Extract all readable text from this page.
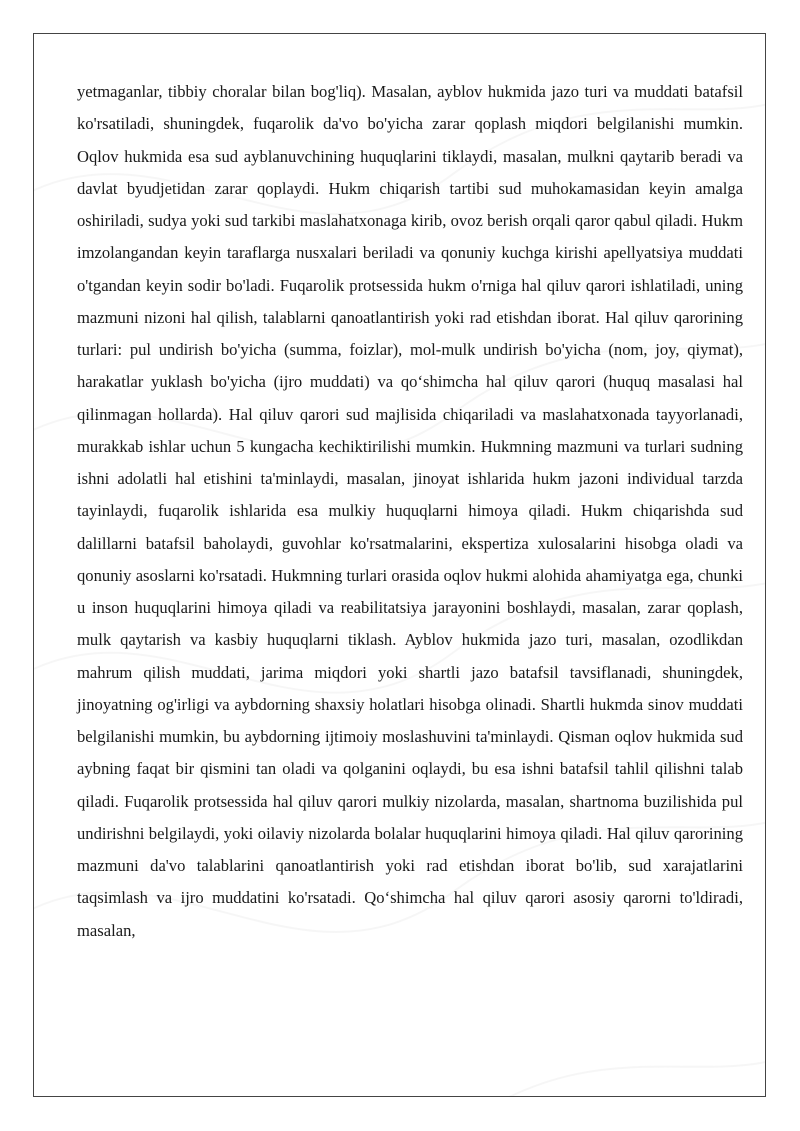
yetmaganlar, tibbiy choralar bilan bog'liq). Masalan, ayblov hukmida jazo turi va muddati batafsil ko'rsatiladi, shuningdek, fuqarolik da'vo bo'yicha zarar qoplash miqdori belgilanishi mumkin. Oqlov hukmida esa sud ayblanuvchining huquqlarini tiklaydi, masalan, mulkni qaytarib beradi va davlat byudjetidan zarar qoplaydi. Hukm chiqarish tartibi sud muhokamasidan keyin amalga oshiriladi, sudya yoki sud tarkibi maslahatxonaga kirib, ovoz berish orqali qaror qabul qiladi. Hukm imzolangandan keyin taraflarga nusxalari beriladi va qonuniy kuchga kirishi apellyatsiya muddati o'tgandan keyin sodir bo'ladi. Fuqarolik protsessida hukm o'rniga hal qiluv qarori ishlatiladi, uning mazmuni nizoni hal qilish, talablarni qanoatlantirish yoki rad etishdan iborat. Hal qiluv qarorining turlari: pul undirish bo'yicha (summa, foizlar), mol-mulk undirish bo'yicha (nom, joy, qiymat), harakatlar yuklash bo'yicha (ijro muddati) va qo‘shimcha hal qiluv qarori (huquq masalasi hal qilinmagan hollarda). Hal qiluv qarori sud majlisida chiqariladi va maslahatxonada tayyorlanadi, murakkab ishlar uchun 5 kungacha kechiktirilishi mumkin. Hukmning mazmuni va turlari sudning ishni adolatli hal etishini ta'minlaydi, masalan, jinoyat ishlarida hukm jazoni individual tarzda tayinlaydi, fuqarolik ishlarida esa mulkiy huquqlarni himoya qiladi. Hukm chiqarishda sud dalillarni batafsil baholaydi, guvohlar ko'rsatmalarini, ekspertiza xulosalarini hisobga oladi va qonuniy asoslarni ko'rsatadi. Hukmning turlari orasida oqlov hukmi alohida ahamiyatga ega, chunki u inson huquqlarini himoya qiladi va reabilitatsiya jarayonini boshlaydi, masalan, zarar qoplash, mulk qaytarish va kasbiy huquqlarni tiklash. Ayblov hukmida jazo turi, masalan, ozodlikdan mahrum qilish muddati, jarima miqdori yoki shartli jazo batafsil tavsiflanadi, shuningdek, jinoyatning og'irligi va aybdorning shaxsiy holatlari hisobga olinadi. Shartli hukmda sinov muddati belgilanishi mumkin, bu aybdorning ijtimoiy moslashuvini ta'minlaydi. Qisman oqlov hukmida sud aybning faqat bir qismini tan oladi va qolganini oqlaydi, bu esa ishni batafsil tahlil qilishni talab qiladi. Fuqarolik protsessida hal qiluv qarori mulkiy nizolarda, masalan, shartnoma buzilishida pul undirishni belgilaydi, yoki oilaviy nizolarda bolalar huquqlarini himoya qiladi. Hal qiluv qarorining mazmuni da'vo talablarini qanoatlantirish yoki rad etishdan iborat bo'lib, sud xarajatlarini taqsimlash va ijro muddatini ko'rsatadi. Qo‘shimcha hal qiluv qarori asosiy qarorni to'ldiradi, masalan,
